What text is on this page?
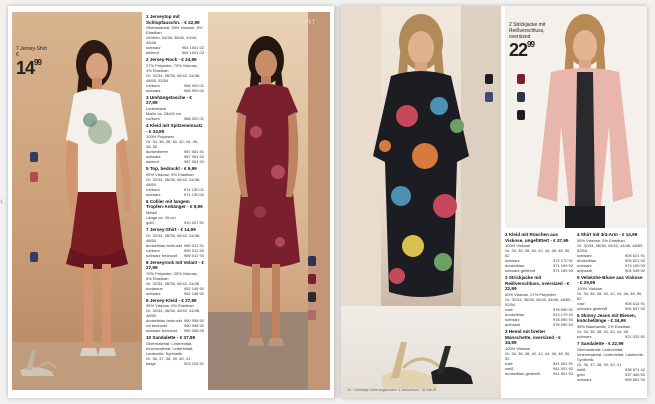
‹
7 Jersey-Shirt
€
$14^{99}$
1 Jerseytop mit Schlupfauschn. - € 22,99
Obermaterial: 95% Viskose, 5% Elasthan
Größen: 34/36, 38/40, 42/44, 46/48
schwarz	954 1001 02
weinrot	954 1001 03
2 Jersey-Rock - € 24,99
27% Polyester, 70% Viskose, 3% Elasthan
Gr. 32/34, 36/38, 40/42, 44/46, 48/50, 52/54
rot/bunt	966 903 01
schwarz	966 903 02
3 Umhängetasche - € 27,99
Lederimitat
Maße ca. 28x20 cm
rot/bunt	988 002 01
4 Kleid mit Spitzeneinsatz - € 34,99
100% Polyester
Gr. 34, 36, 38, 40, 42, 44, 46, 48, 50
dunkelbeere	987 061 91
schwarz	987 061 92
weinrot	987 061 93
5 Top, bedruckt - € 9,99
95% Viskose, 5% Elasthan
Gr. 32/34, 36/38, 40/42, 44/46, 48/50
rot/bunt	974 130 01
schwarz	974 130 02
6 Collier mit langem Tropfen-Anhänger - € 9,99
Metall
Länge ca. 45 cm
gold	910 027 91
7 Jersey-Shirt - € 14,99
Gr. 32/34, 36/38, 40/42, 44/46, 48/50
dunkelblau bedruckt 989 012 91
rot/bunt	989 012 92
schwarz bedruckt 989 012 93
8 Jerseyrock mit Volant - € 27,99
70% Polyester, 25% Viskose, 5% Elasthan
Gr. 32/34, 36/38, 40/42, 44/46
bordeaux	952 146 91
schwarz	952 146 92
9 Jersey-Kleid - € 27,99
95% Viskose, 5% Elasthan
Gr. 32/34, 36/38, 40/42, 44/46, 48/50
dunkelblau bedruckt 960 058 91
rot bedruckt	960 058 92
schwarz bedruckt 960 058 93
10 Sandalette - € 37,99
Obermaterial: Lederimitat, Innenmaterial: Lederimitat, Laufsohle: Synthetik
Gr. 36, 37, 38, 39, 40, 41
beige	903 105 91
BODYFLIRT
24 · Günstige Lieferungskosten 4 Zahlweisen · ⊞ BAUR
2 Strickjacke mit Reißverschluss, oversized
$22^{99}$
1 Kleid mit Rüschen aus Viskose, ungefüttert - € 37,99
100% Viskose
Gr. 34, 36, 38, 40, 42, 44, 46, 48, 50, 52
schwarz	972 170 91
dunkelblau	971 169 92
schwarz geblümt	971 169 93
2 Strickjacke mit Reißverschluss, oversized - € 22,99
50% Viskose, 27% Polyester
Gr. 32/34, 36/38, 40/42, 44/46, 48/50, 52/54
rosé	978 090 91
dunkelblau	913 179 92
schwarz	978 090 93
anthrazit	978 090 94
3 Hemd mit breiter Manschette, oversized - € 34,99
100% Viskose
Gr. 34, 36, 38, 40, 42, 44, 46, 48, 50, 52
rosé	941 001 91
weiß	941 001 92
dunkelblau gestreift	941 001 93
4 Shirt mit 3/4-Arm - € 14,99
95% Viskose, 5% Elasthan
Gr. 32/34, 36/38, 40/42, 44/46, 48/50, 52/54
schwarz	905 621 91
dunkelblau	905 621 92
schwarz	973 159 93
anthrazit	904 545 92
5 Velukshe-Bluse aus Viskose - € 29,99
100% Viskose
Gr. 34, 36, 38, 40, 42, 44, 46, 48, 50, 52
rosé	905 612 91
schwarz gestreift	904 547 92
6 Skinny Jeans mit Biesen, knöchellänge - € 34,99
98% Baumwolle, 2% Elasthan
Gr. 34, 36, 38, 40, 42, 44, 46
schwarz	921 032 91
7 Sandalette - € 22,99
Obermaterial: Lederimitat, Innenmaterial: Lederimitat, Laufsohle: Synthetik
Gr. 36, 37, 38, 39, 40, 41
weiß	938 671 42
gold	937 465 53
schwarz	959 661 93
